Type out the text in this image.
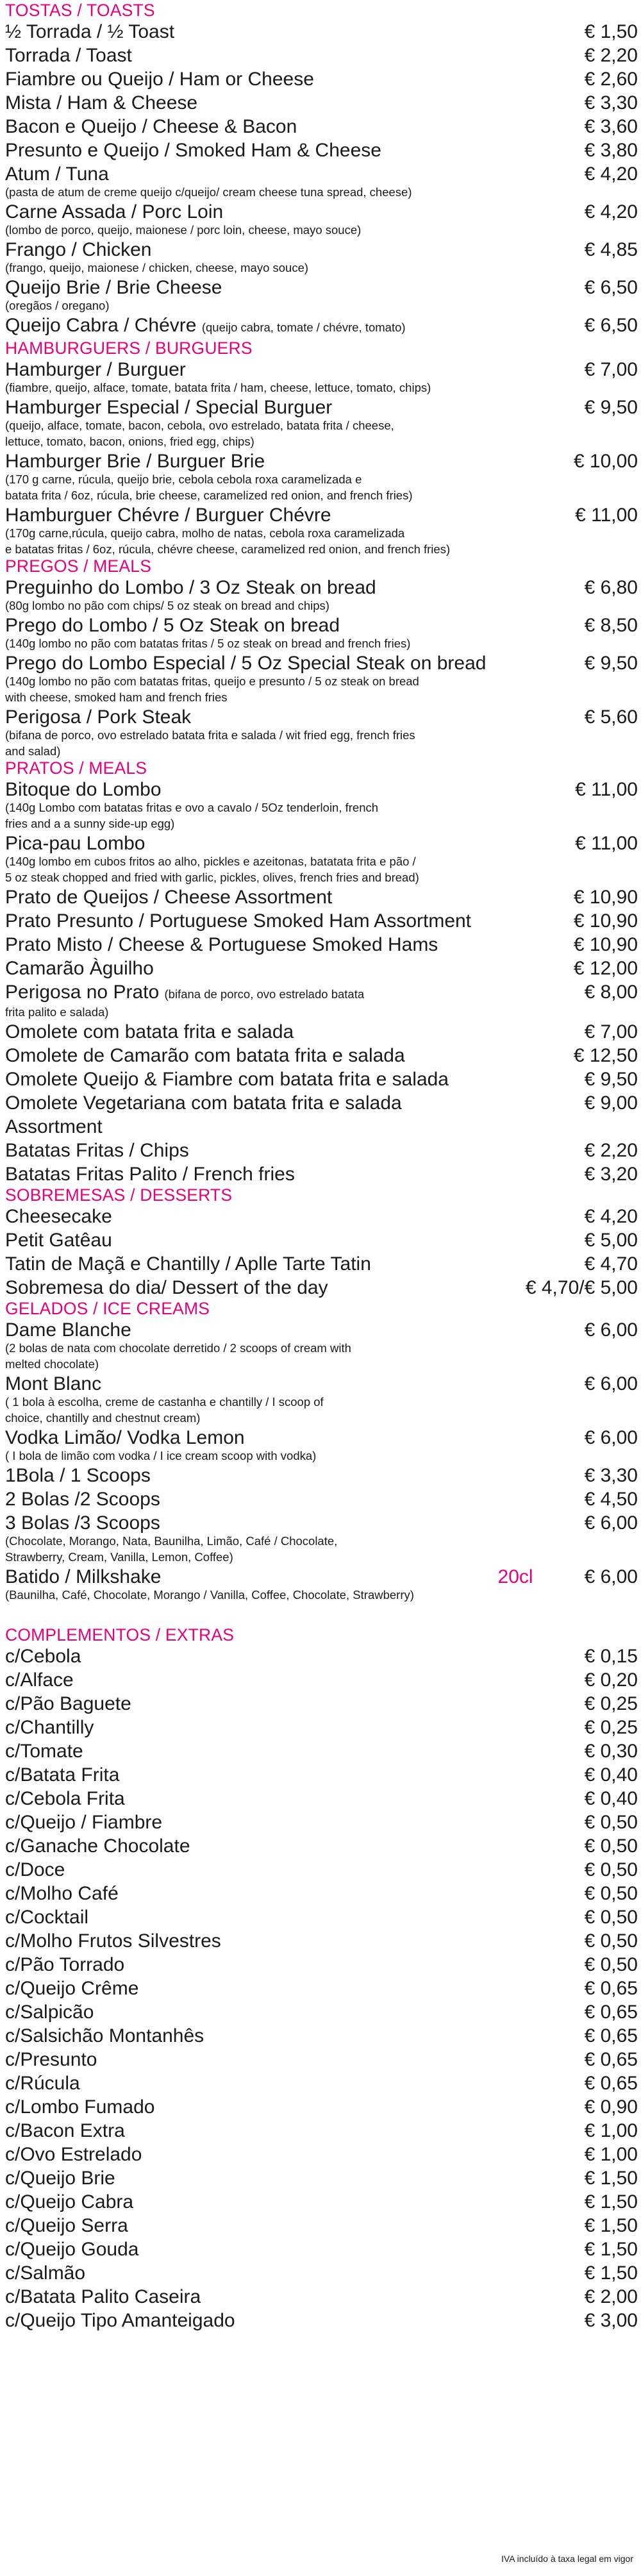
TOSTAS / TOASTS
½ Torrada / ½ Toast	€ 1,50
Torrada / Toast	€ 2,20
Fiambre ou Queijo / Ham or Cheese	€ 2,60
Mista / Ham & Cheese	€ 3,30
Bacon e Queijo / Cheese & Bacon	€ 3,60
Presunto e Queijo / Smoked Ham & Cheese	€ 3,80
Atum / Tuna	€ 4,20
(pasta de atum de creme queijo c/queijo/ cream cheese tuna spread, cheese)
Carne Assada / Porc Loin	€ 4,20
(lombo de porco, queijo, maionese / porc loin, cheese, mayo souce)
Frango / Chicken	€ 4,85
(frango, queijo, maionese / chicken, cheese, mayo souce)
Queijo Brie / Brie Cheese	€ 6,50
(oregãos / oregano)
Queijo Cabra / Chévre (queijo cabra, tomate / chévre, tomato)	€ 6,50
HAMBURGUERS / BURGUERS
Hamburger / Burguer	€ 7,00
(fiambre, queijo, alface, tomate, batata frita / ham, cheese, lettuce, tomato, chips)
Hamburger Especial / Special Burguer	€ 9,50
(queijo, alface, tomate, bacon, cebola, ovo estrelado, batata frita / cheese,
lettuce, tomato, bacon, onions, fried egg, chips)
Hamburger Brie / Burguer Brie	€ 10,00
(170 g carne, rúcula, queijo brie, cebola cebola roxa caramelizada e
batata frita / 6oz, rúcula, brie cheese, caramelized red onion, and french fries)
Hamburguer Chévre / Burguer Chévre	€ 11,00
(170g carne,rúcula, queijo cabra, molho de natas, cebola roxa caramelizada
e batatas fritas / 6oz, rúcula, chévre cheese, caramelized red onion, and french fries)
PREGOS / MEALS
Preguinho do Lombo / 3 Oz Steak on bread	€ 6,80
(80g lombo no pão com chips/ 5 oz steak on bread and chips)
Prego do Lombo / 5 Oz Steak on bread	€ 8,50
(140g lombo no pão com batatas fritas / 5 oz steak on bread and french fries)
Prego do Lombo Especial / 5 Oz Special Steak on bread	€ 9,50
(140g lombo no pão com batatas fritas, queijo e presunto / 5 oz steak on bread
with cheese, smoked ham and french fries
Perigosa / Pork Steak	€ 5,60
(bifana de porco, ovo estrelado batata frita e salada / wit fried egg, french fries
and salad)
PRATOS / MEALS
Bitoque do Lombo	€ 11,00
(140g Lombo com batatas fritas e ovo a cavalo / 5Oz tenderloin, french
fries and a a sunny side-up egg)
Pica-pau Lombo	€ 11,00
(140g lombo em cubos fritos ao alho, pickles e azeitonas, batatata frita e pão /
5 oz steak chopped and fried with garlic, pickles, olives, french fries and bread)
Prato de Queijos / Cheese Assortment	€ 10,90
Prato Presunto / Portuguese Smoked Ham Assortment	€ 10,90
Prato Misto / Cheese & Portuguese Smoked Hams	€ 10,90
Camarão Àguilho	€ 12,00
Perigosa no Prato (bifana de porco, ovo estrelado batata	€ 8,00
frita palito e salada)
Omolete com batata frita e salada	€ 7,00
Omolete de Camarão com batata frita e salada	€ 12,50
Omolete Queijo & Fiambre com batata frita e salada	€ 9,50
Omolete Vegetariana com batata frita e salada	€ 9,00
Assortment
Batatas Fritas / Chips	€ 2,20
Batatas Fritas Palito / French fries	€ 3,20
SOBREMESAS / DESSERTS
Cheesecake	€ 4,20
Petit Gatêau	€ 5,00
Tatin de Maçã e Chantilly / Aplle Tarte Tatin	€ 4,70
Sobremesa do dia/ Dessert of the day	€ 4,70/€ 5,00
GELADOS / ICE CREAMS
Dame Blanche	€ 6,00
(2 bolas de nata com chocolate derretido / 2 scoops of cream with
melted chocolate)
Mont Blanc	€ 6,00
( 1 bola à escolha, creme de castanha e chantilly / I scoop of
choice, chantilly and chestnut cream)
Vodka Limão/ Vodka Lemon	€ 6,00
( I bola de limão com vodka / I ice cream scoop with vodka)
1Bola / 1 Scoops	€ 3,30
2 Bolas /2 Scoops	€ 4,50
3 Bolas /3 Scoops	€ 6,00
(Chocolate, Morango, Nata, Baunilha, Limão, Café / Chocolate,
Strawberry, Cream, Vanilla, Lemon, Coffee)
Batido / Milkshake	20cl	€ 6,00
(Baunilha, Café, Chocolate, Morango / Vanilla, Coffee, Chocolate, Strawberry)
COMPLEMENTOS / EXTRAS
c/Cebola	€ 0,15
c/Alface	€ 0,20
c/Pão Baguete	€ 0,25
c/Chantilly	€ 0,25
c/Tomate	€ 0,30
c/Batata Frita	€ 0,40
c/Cebola Frita	€ 0,40
c/Queijo / Fiambre	€ 0,50
c/Ganache Chocolate	€ 0,50
c/Doce	€ 0,50
c/Molho Café	€ 0,50
c/Cocktail	€ 0,50
c/Molho Frutos Silvestres	€ 0,50
c/Pão Torrado	€ 0,50
c/Queijo Crême	€ 0,65
c/Salpicão	€ 0,65
c/Salsichão Montanhês	€ 0,65
c/Presunto	€ 0,65
c/Rúcula	€ 0,65
c/Lombo Fumado	€ 0,90
c/Bacon Extra	€ 1,00
c/Ovo Estrelado	€ 1,00
c/Queijo Brie	€ 1,50
c/Queijo Cabra	€ 1,50
c/Queijo Serra	€ 1,50
c/Queijo Gouda	€ 1,50
c/Salmão	€ 1,50
c/Batata Palito Caseira	€ 2,00
c/Queijo Tipo Amanteigado	€ 3,00
IVA incluído à taxa legal em vigor
